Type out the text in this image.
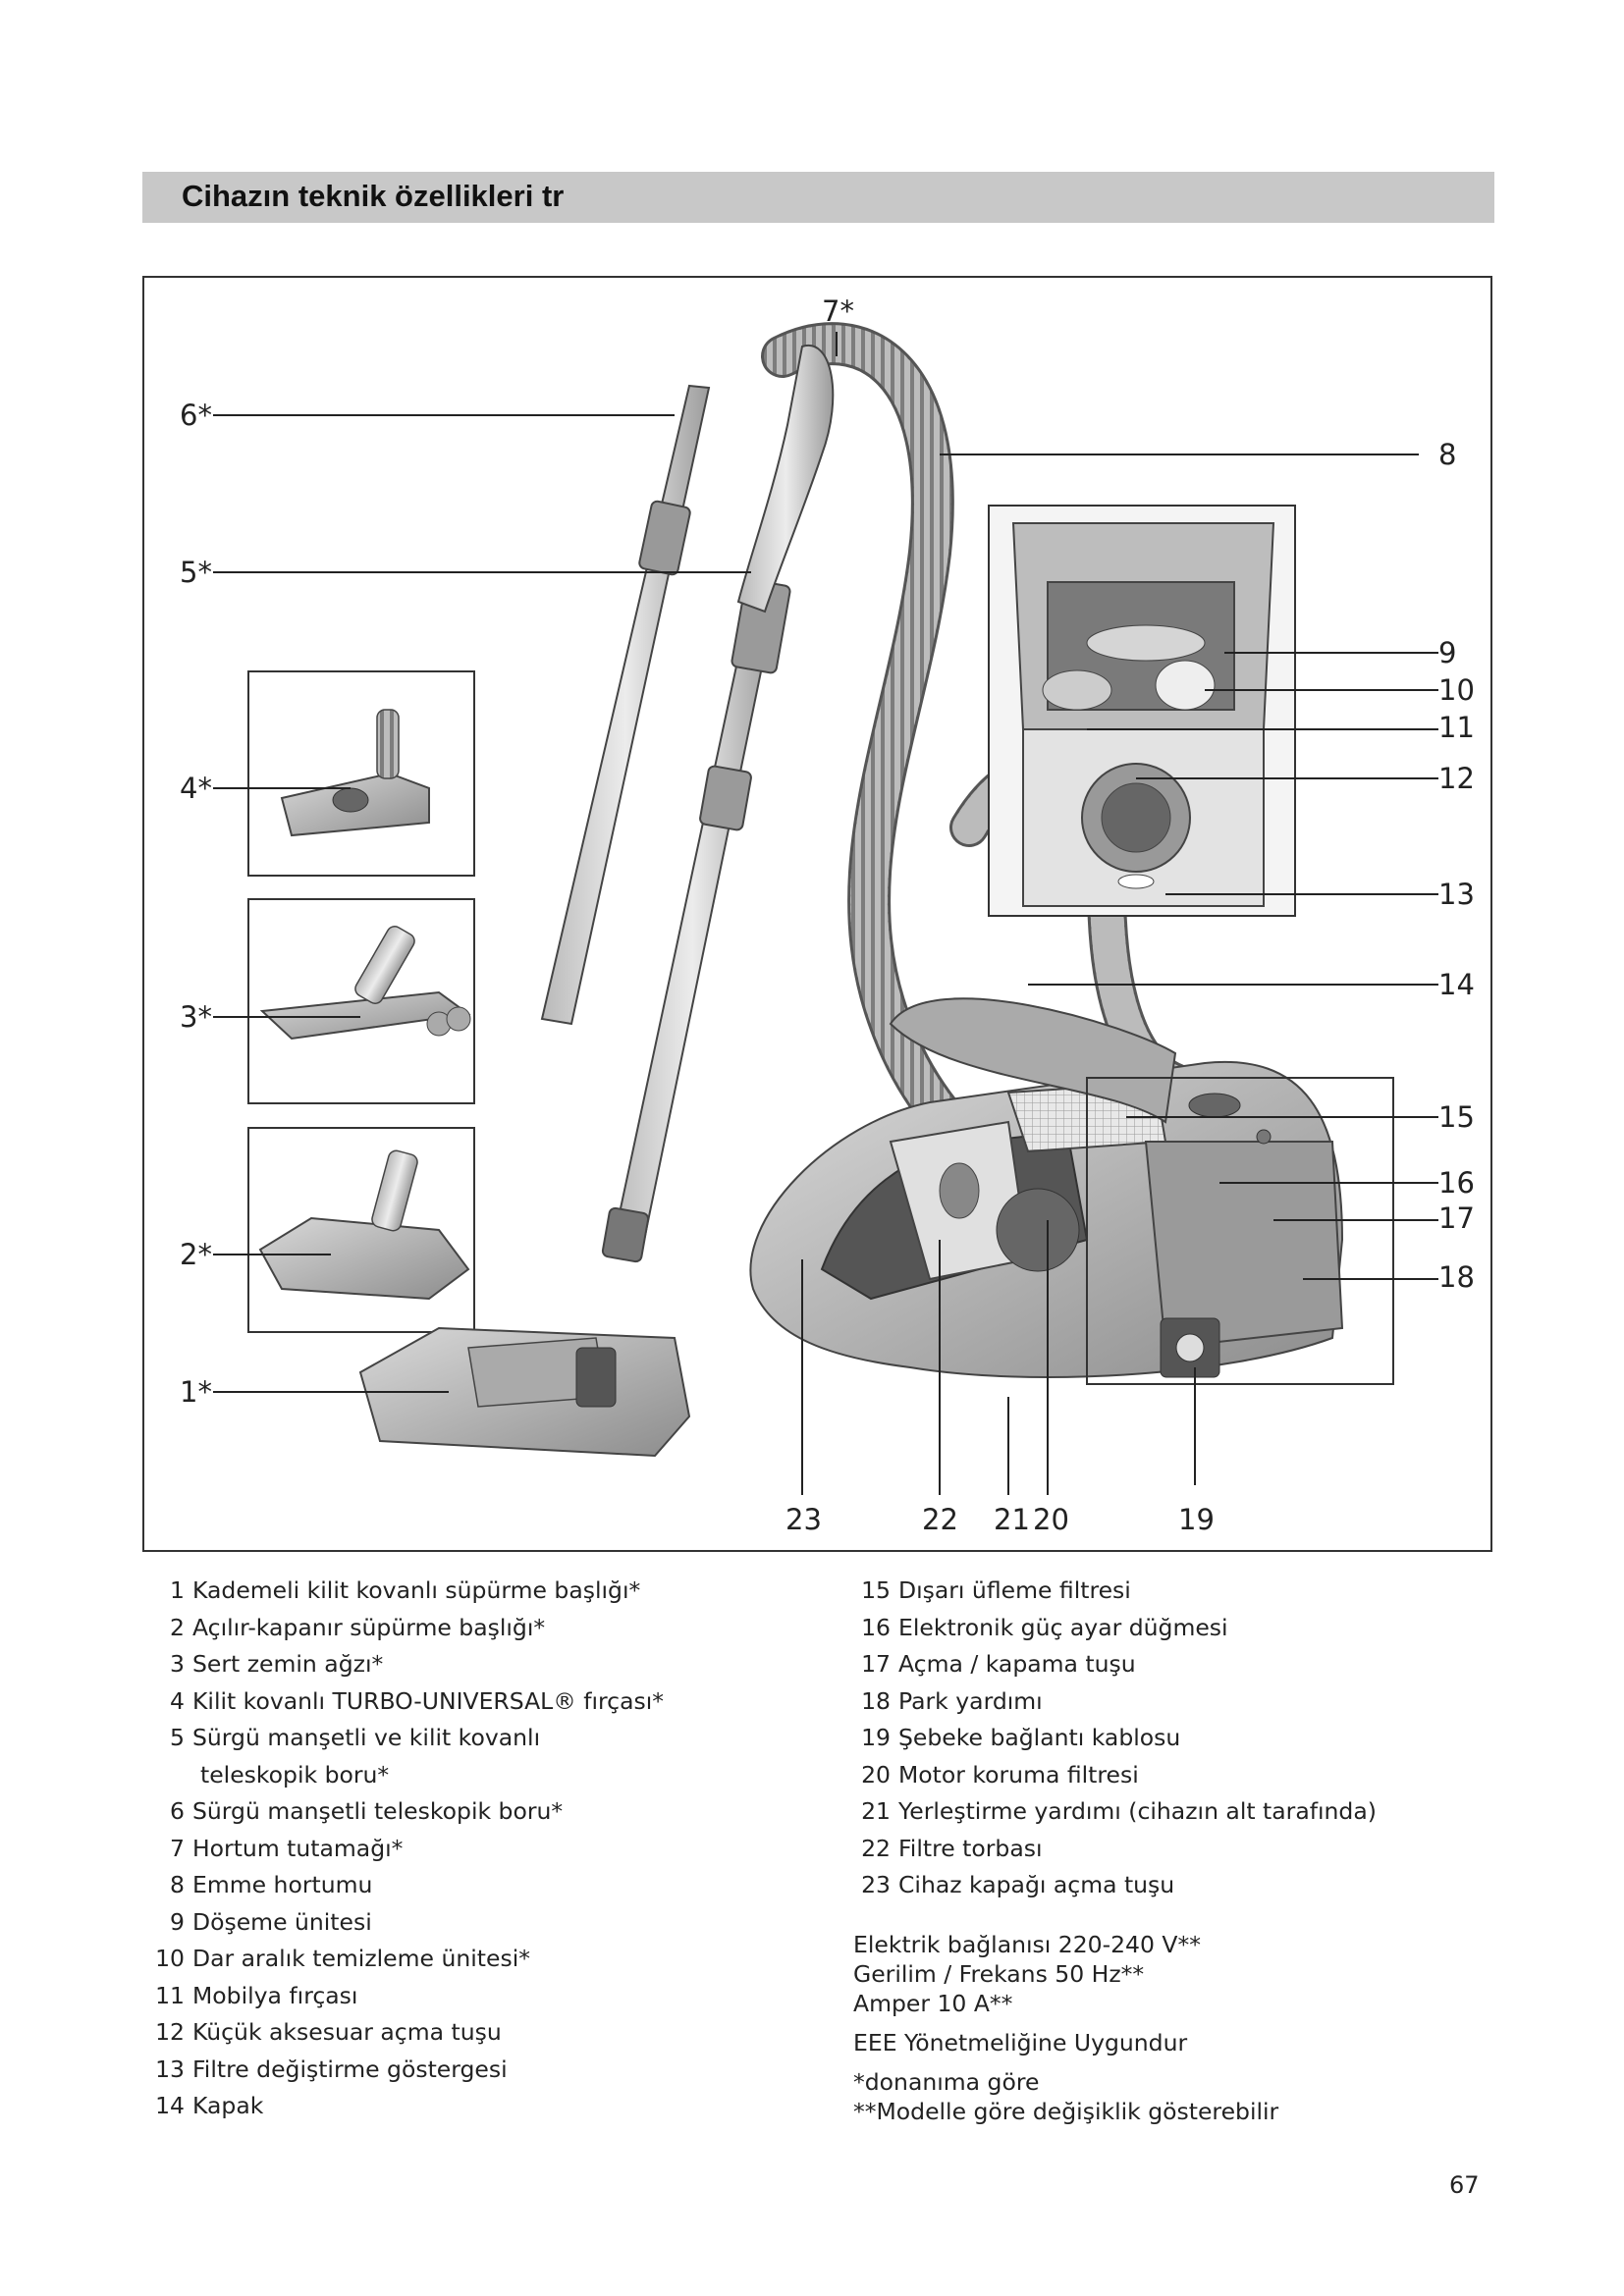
Cihazın teknik özellikleri tr
6*
5*
4*
3*
2*
1*
7*
8
9
10
11
12
13
14
15
16
17
18
19
20
21
22
23
1 Kademeli kilit kovanlı süpürme başlığı*
2 Açılır-kapanır süpürme başlığı*
3 Sert zemin ağzı*
4 Kilit kovanlı TURBO-UNIVERSAL® fırçası*
5 Sürgü manşetli ve kilit kovanlı
teleskopik boru*
6 Sürgü manşetli teleskopik boru*
7 Hortum tutamağı*
8 Emme hortumu
9 Döşeme ünitesi
10 Dar aralık temizleme ünitesi*
11 Mobilya fırçası
12 Küçük aksesuar açma tuşu
13 Filtre değiştirme göstergesi
14 Kapak
15 Dışarı üfleme filtresi
16 Elektronik güç ayar düğmesi
17 Açma / kapama tuşu
18 Park yardımı
19 Şebeke bağlantı kablosu
20 Motor koruma filtresi
21 Yerleştirme yardımı (cihazın alt tarafında)
22 Filtre torbası
23 Cihaz kapağı açma tuşu
Elektrik bağlanısı 220-240 V**
Gerilim / Frekans 50 Hz**
Amper 10 A**
EEE Yönetmeliğine Uygundur
*donanıma göre
**Modelle göre değişiklik gösterebilir
67
